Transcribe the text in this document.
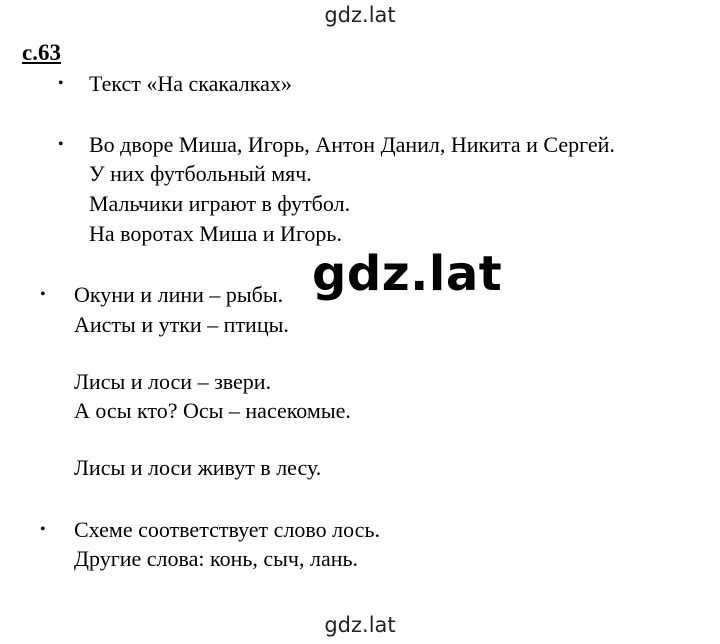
gdz.lat
с.63
• Текст «На скакалках»
• Во дворе Миша, Игорь, Антон Данил, Никита и Сергей.
У них футбольный мяч.
Мальчики играют в футбол.
На воротах Миша и Игорь.
• Окуни и лини – рыбы.
Аисты и утки – птицы.
Лисы и лоси – звери.
А осы кто? Осы – насекомые.
Лисы и лоси живут в лесу.
• Схеме соответствует слово лось.
Другие слова: конь, сыч, лань.
gdz.lat
gdz.lat
